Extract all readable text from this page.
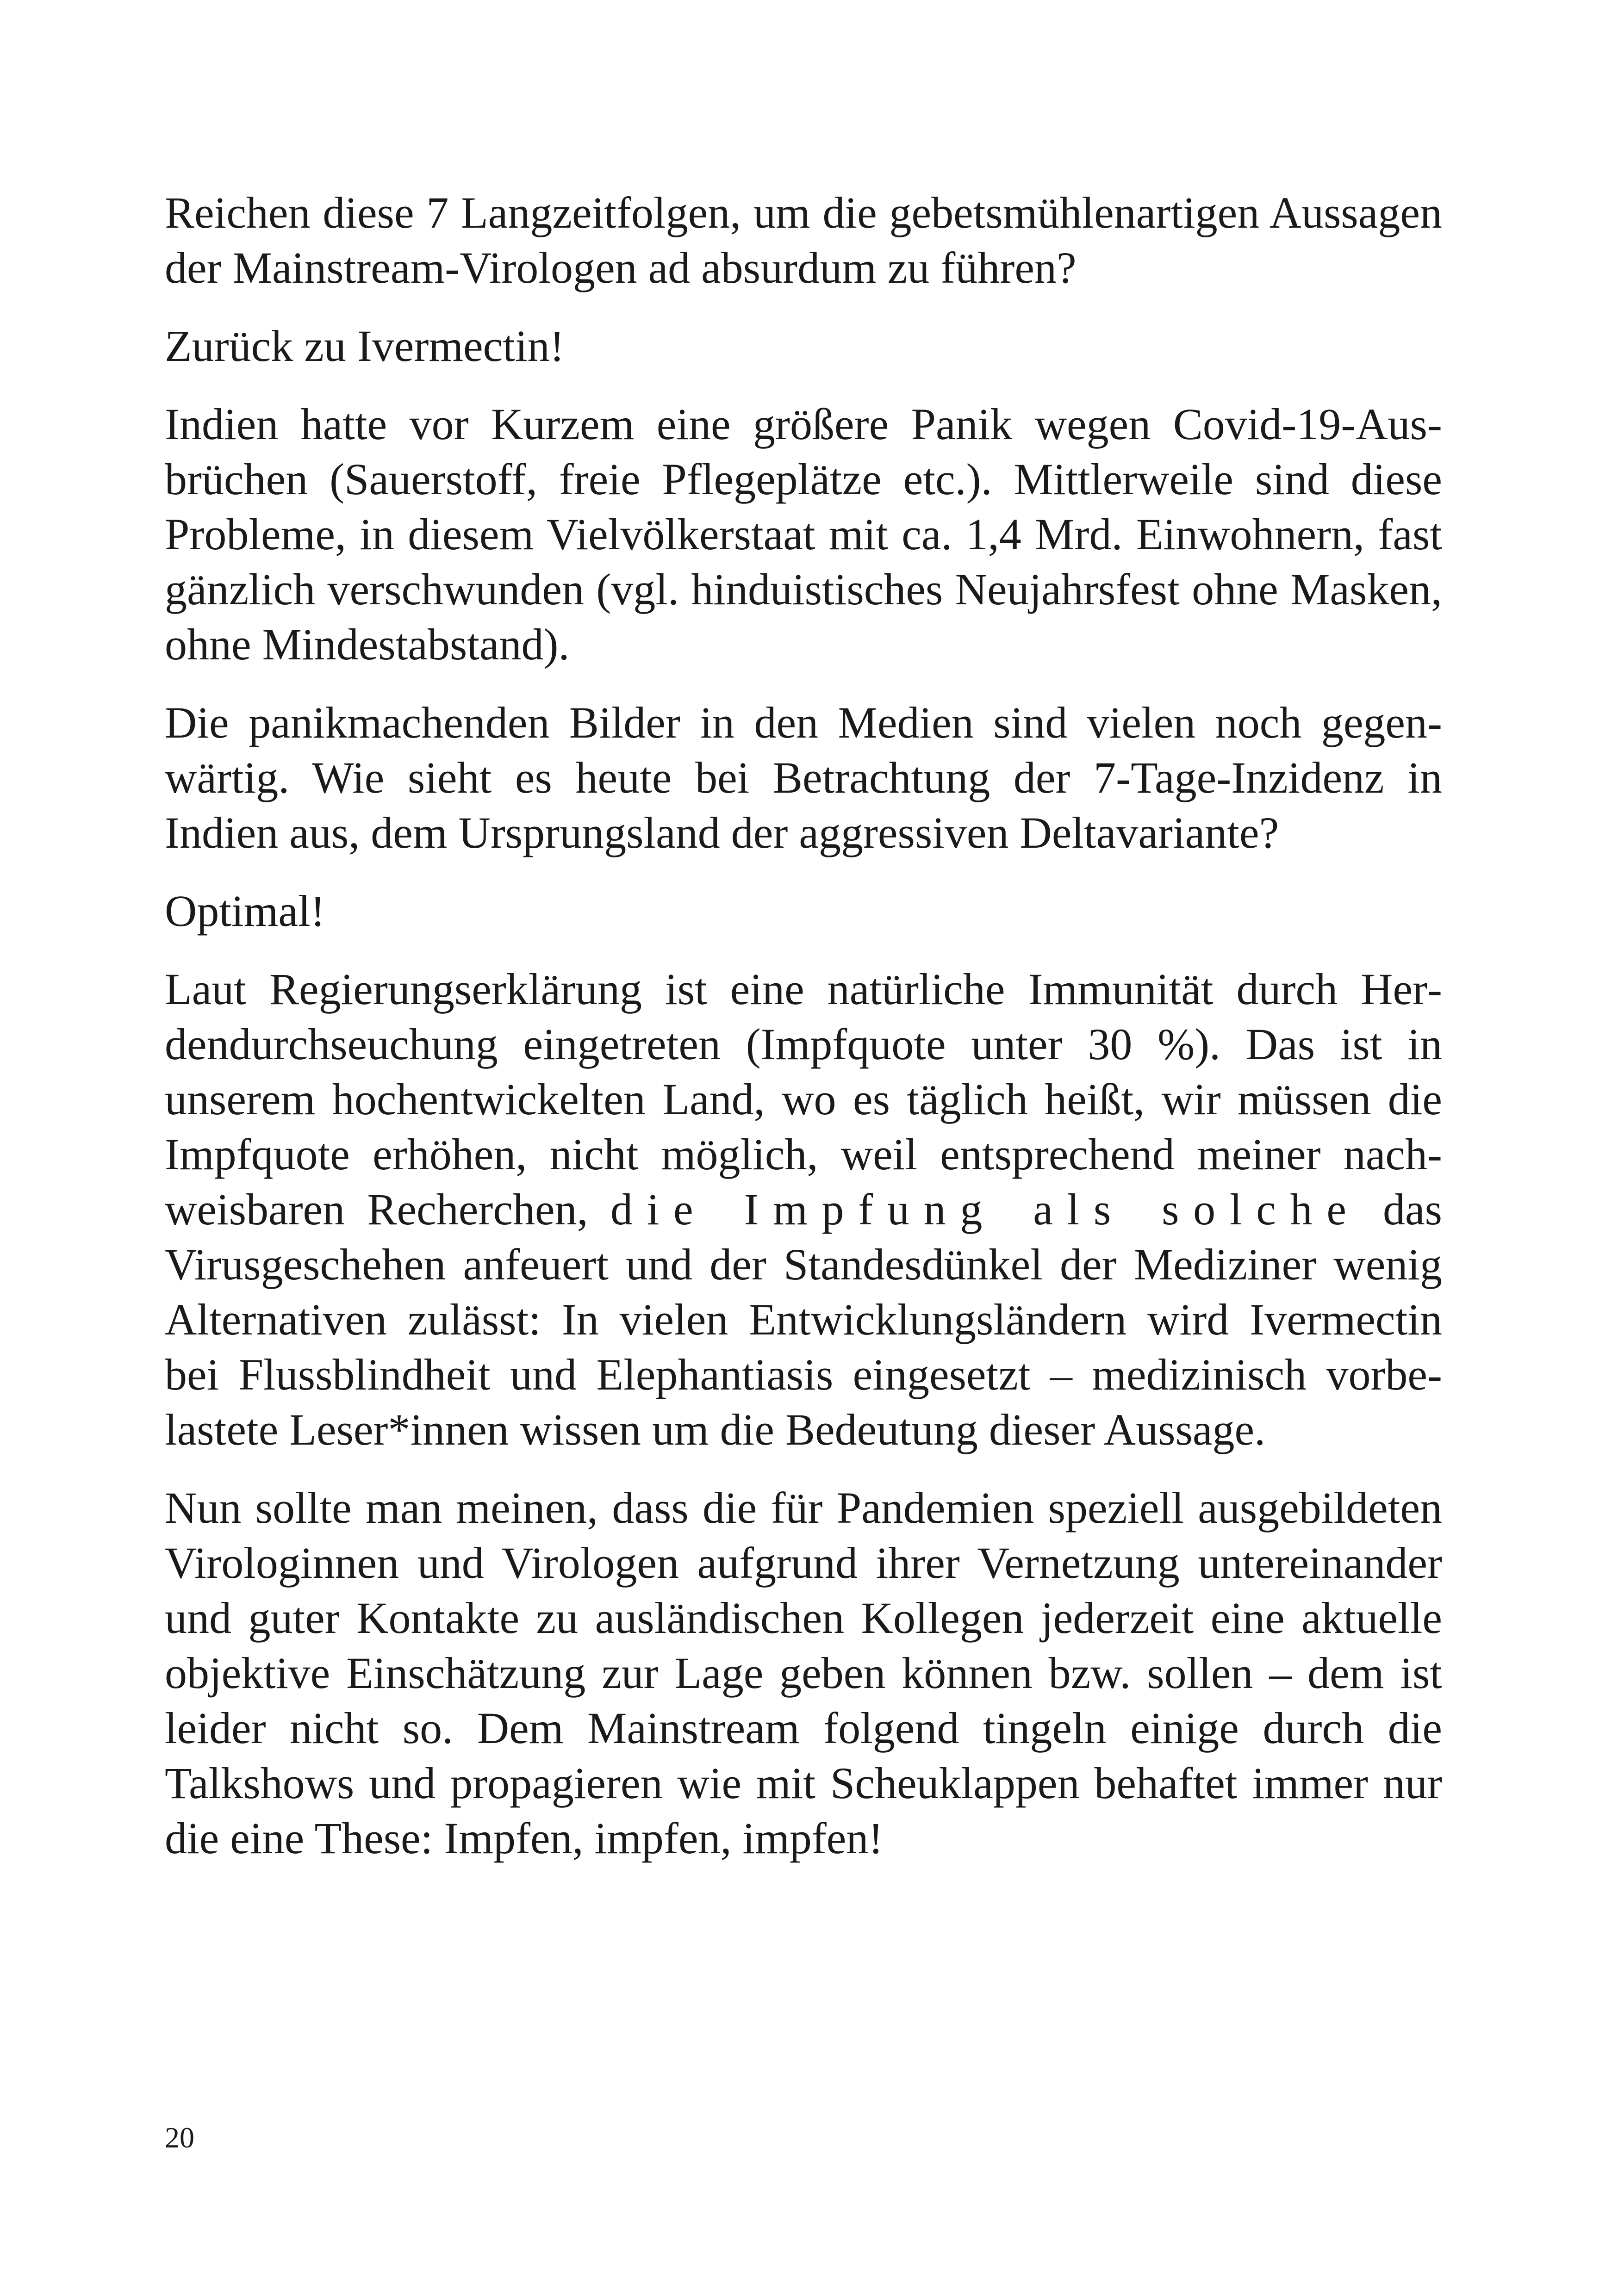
Reichen diese 7 Langzeitfolgen, um die gebetsmühlenartigen Aussagen der Mainstream-Virologen ad absurdum zu führen?

Zurück zu Ivermectin!

Indien hatte vor Kurzem eine größere Panik wegen Covid-19-Ausbrüchen (Sauerstoff, freie Pflegeplätze etc.). Mittlerweile sind diese Probleme, in diesem Vielvölkerstaat mit ca. 1,4 Mrd. Einwohnern, fast gänzlich verschwunden (vgl. hinduistisches Neujahrsfest ohne Masken, ohne Mindestabstand).

Die panikmachenden Bilder in den Medien sind vielen noch gegenwärtig. Wie sieht es heute bei Betrachtung der 7-Tage-Inzidenz in Indien aus, dem Ursprungsland der aggressiven Deltavariante?

Optimal!

Laut Regierungserklärung ist eine natürliche Immunität durch Herdendurchseuchung eingetreten (Impfquote unter 30 %). Das ist in unserem hochentwickelten Land, wo es täglich heißt, wir müssen die Impfquote erhöhen, nicht möglich, weil entsprechend meiner nachweisbaren Recherchen, die Impfung als solche das Virusgeschehen anfeuert und der Standesdünkel der Mediziner wenig Alternativen zulässt: In vielen Entwicklungsländern wird Ivermectin bei Flussblindheit und Elephantiasis eingesetzt – medizinisch vorbelastete Leser*innen wissen um die Bedeutung dieser Aussage.

Nun sollte man meinen, dass die für Pandemien speziell ausgebildeten Virologinnen und Virologen aufgrund ihrer Vernetzung untereinander und guter Kontakte zu ausländischen Kollegen jederzeit eine aktuelle objektive Einschätzung zur Lage geben können bzw. sollen – dem ist leider nicht so. Dem Mainstream folgend tingeln einige durch die Talkshows und propagieren wie mit Scheuklappen behaftet immer nur die eine These: Impfen, impfen, impfen!

20
